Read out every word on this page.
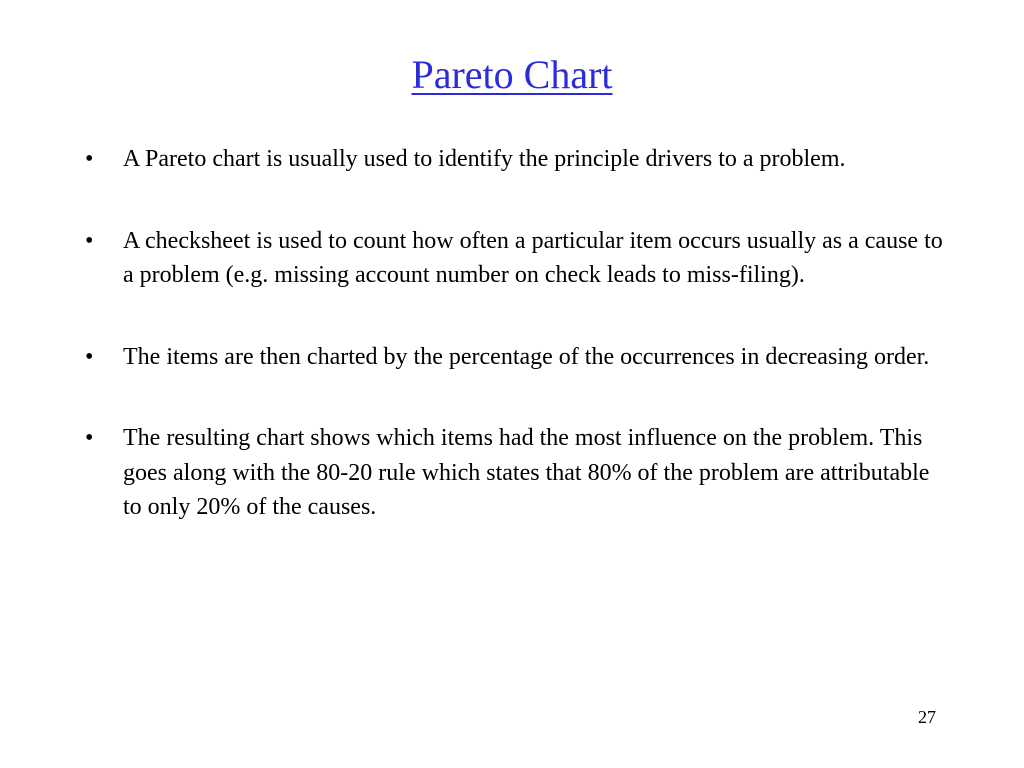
Pareto Chart
•	A Pareto chart is usually used to identify the principle drivers to a problem.
•	A checksheet is used to count how often a particular item occurs usually as a cause to a problem (e.g. missing account number on check leads to miss-filing).
•	The items are then charted by the percentage of the occurrences in decreasing order.
•	The resulting chart shows which items had the most influence on the problem. This goes along with the 80-20 rule which states that 80% of the problem are attributable to only 20% of the causes.
27
